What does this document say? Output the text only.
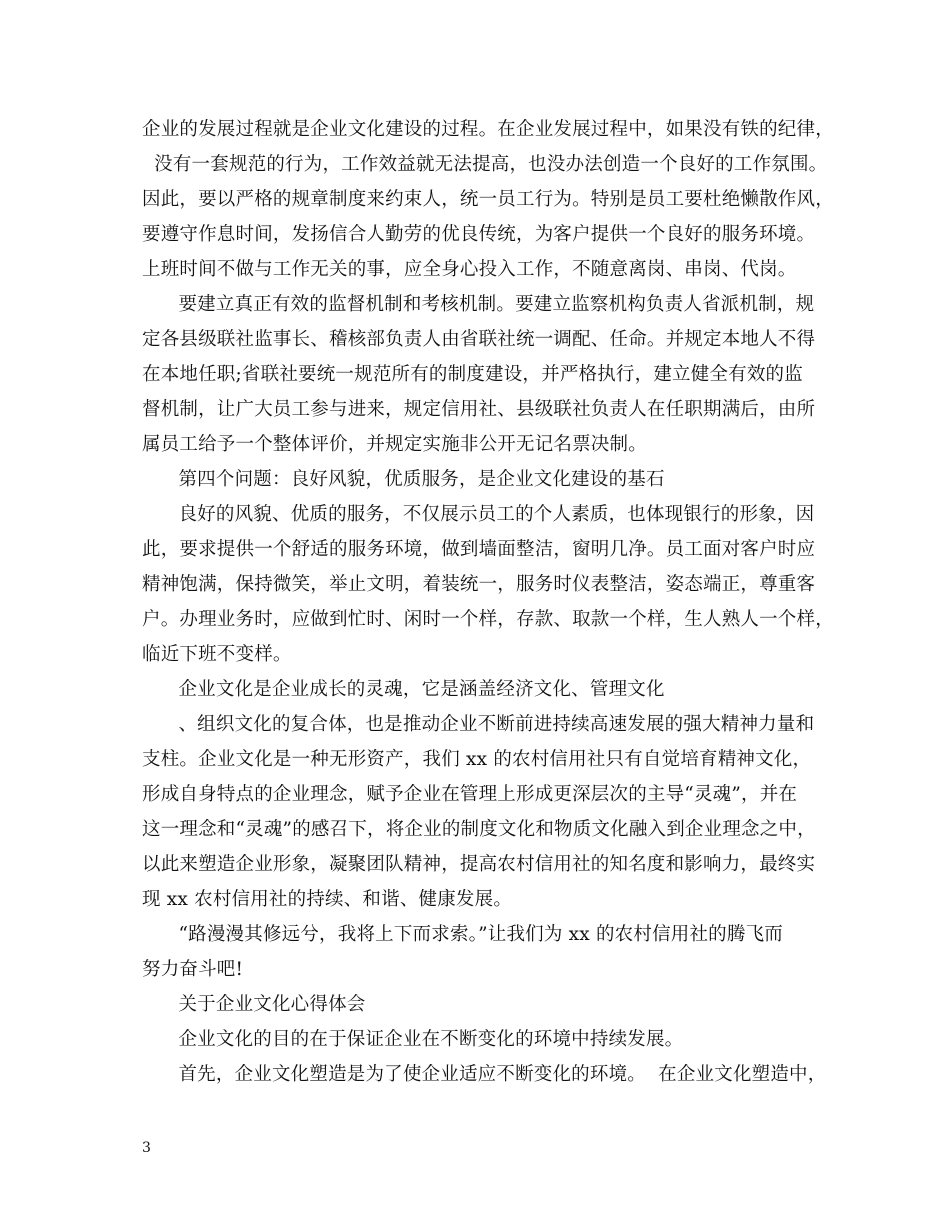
企业的发展过程就是企业文化建设的过程。在企业发展过程中，如果没有铁的纪律，
没有一套规范的行为，工作效益就无法提高，也没办法创造一个良好的工作氛围。
因此，要以严格的规章制度来约束人，统一员工行为。特别是员工要杜绝懒散作风，
要遵守作息时间，发扬信合人勤劳的优良传统，为客户提供一个良好的服务环境。
上班时间不做与工作无关的事，应全身心投入工作，不随意离岗、串岗、代岗。
要建立真正有效的监督机制和考核机制。要建立监察机构负责人省派机制，规
定各县级联社监事长、稽核部负责人由省联社统一调配、任命。并规定本地人不得
在本地任职;省联社要统一规范所有的制度建设，并严格执行，建立健全有效的监
督机制，让广大员工参与进来，规定信用社、县级联社负责人在任职期满后，由所
属员工给予一个整体评价，并规定实施非公开无记名票决制。
第四个问题：良好风貌，优质服务，是企业文化建设的基石
良好的风貌、优质的服务，不仅展示员工的个人素质，也体现银行的形象，因
此，要求提供一个舒适的服务环境，做到墙面整洁，窗明几净。员工面对客户时应
精神饱满，保持微笑，举止文明，着装统一，服务时仪表整洁，姿态端正，尊重客
户。办理业务时，应做到忙时、闲时一个样，存款、取款一个样，生人熟人一个样，
临近下班不变样。
企业文化是企业成长的灵魂，它是涵盖经济文化、管理文化
、组织文化的复合体，也是推动企业不断前进持续高速发展的强大精神力量和
支柱。企业文化是一种无形资产，我们 xx 的农村信用社只有自觉培育精神文化，
形成自身特点的企业理念，赋予企业在管理上形成更深层次的主导“灵魂”，并在
这一理念和“灵魂”的感召下，将企业的制度文化和物质文化融入到企业理念之中，
以此来塑造企业形象，凝聚团队精神，提高农村信用社的知名度和影响力，最终实
现 xx 农村信用社的持续、和谐、健康发展。
“路漫漫其修远兮，我将上下而求索。”让我们为 xx 的农村信用社的腾飞而
努力奋斗吧!
关于企业文化心得体会
企业文化的目的在于保证企业在不断变化的环境中持续发展。
首先，企业文化塑造是为了使企业适应不断变化的环境。  在企业文化塑造中，
3
